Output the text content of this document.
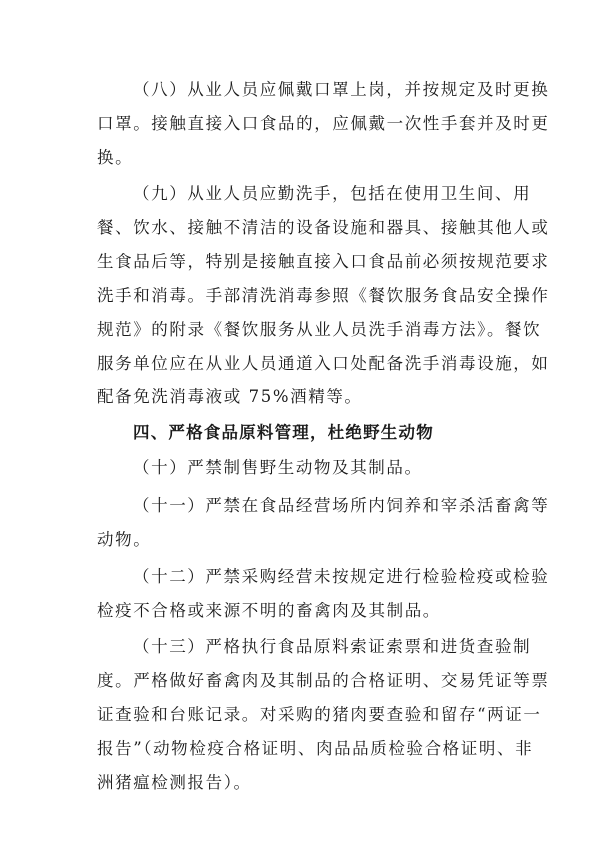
（八）从业人员应佩戴口罩上岗，并按规定及时更换
口罩。接触直接入口食品的，应佩戴一次性手套并及时更
换。
（九）从业人员应勤洗手，包括在使用卫生间、用
餐、饮水、接触不清洁的设备设施和器具、接触其他人或
生食品后等，特别是接触直接入口食品前必须按规范要求
洗手和消毒。手部清洗消毒参照《餐饮服务食品安全操作
规范》的附录《餐饮服务从业人员洗手消毒方法》。餐饮
服务单位应在从业人员通道入口处配备洗手消毒设施，如
配备免洗消毒液或 75%酒精等。
四、严格食品原料管理，杜绝野生动物
（十）严禁制售野生动物及其制品。
（十一）严禁在食品经营场所内饲养和宰杀活畜禽等
动物。
（十二）严禁采购经营未按规定进行检验检疫或检验
检疫不合格或来源不明的畜禽肉及其制品。
（十三）严格执行食品原料索证索票和进货查验制
度。严格做好畜禽肉及其制品的合格证明、交易凭证等票
证查验和台账记录。对采购的猪肉要查验和留存“两证一
报告”（动物检疫合格证明、肉品品质检验合格证明、非
洲猪瘟检测报告）。
